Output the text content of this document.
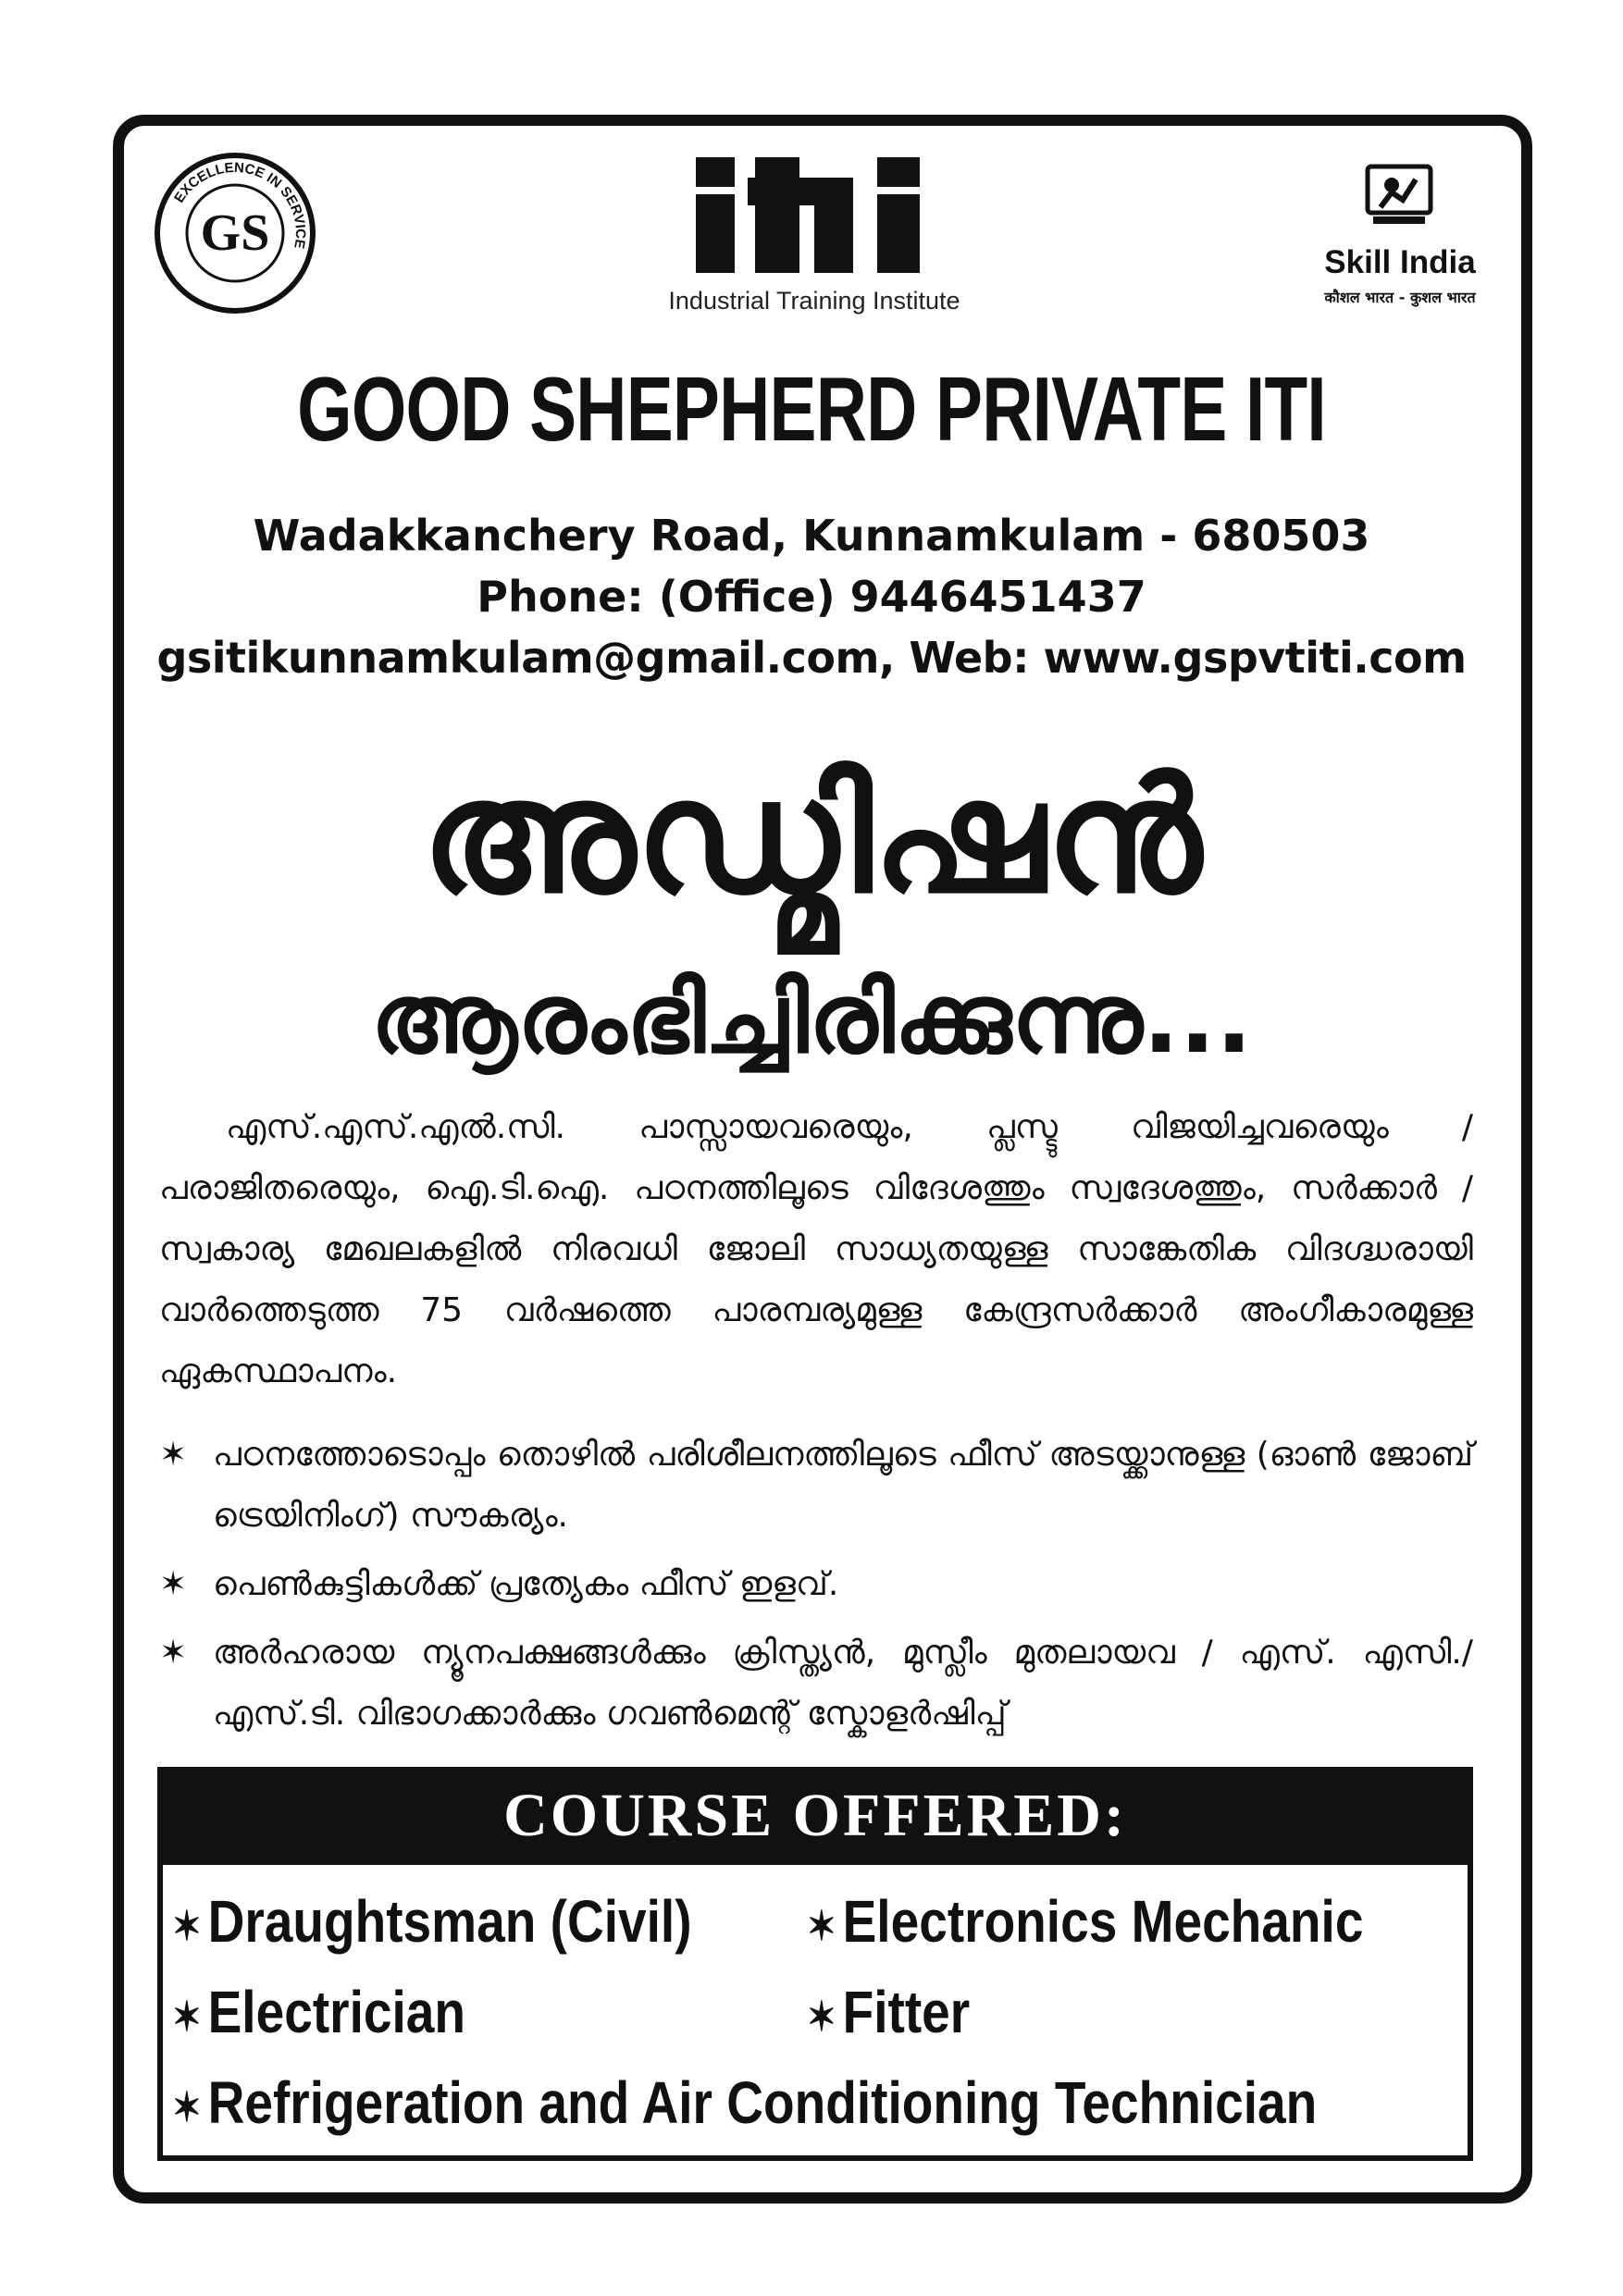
EXCELLENCE IN SERVICE
GS
Industrial Training Institute
Skill India
कौशल भारत - कुशल भारत
GOOD SHEPHERD PRIVATE ITI
Wadakkanchery Road, Kunnamkulam - 680503
Phone: (Office) 9446451437
gsitikunnamkulam@gmail.com, Web: www.gspvtiti.com
അഡ്മിഷൻ
ആരംഭിച്ചിരിക്കുന്നു...
എസ്.എസ്.എൽ.സി. പാസ്സായവരെയും, പ്ലസ്ടു വിജയിച്ചവരെയും / പരാജിതരെയും, ഐ.ടി.ഐ. പഠനത്തിലൂടെ വിദേശത്തും സ്വദേശത്തും, സർക്കാർ / സ്വകാര്യ മേഖലകളിൽ നിരവധി ജോലി സാധ്യതയുള്ള സാങ്കേതിക വിദഗ്ദ്ധരായി വാർത്തെടുത്ത 75 വർഷത്തെ പാരമ്പര്യമുള്ള കേന്ദ്രസർക്കാർ അംഗീകാരമുള്ള ഏകസ്ഥാപനം.
✶ പഠനത്തോടൊപ്പം തൊഴിൽ പരിശീലനത്തിലൂടെ ഫീസ് അടയ്ക്കാനുള്ള (ഓൺ ജോബ് ട്രെയിനിംഗ്) സൗകര്യം.
✶ പെൺകുട്ടികൾക്ക് പ്രത്യേകം ഫീസ് ഇളവ്.
✶ അർഹരായ ന്യൂനപക്ഷങ്ങൾക്കും ക്രിസ്ത്യൻ, മുസ്ലീം മുതലായവ / എസ്. എസി./എസ്.ടി. വിഭാഗക്കാർക്കും ഗവൺമെന്റ് സ്കോളർഷിപ്പ്
COURSE OFFERED:
✶ Draughtsman (Civil)	✶ Electronics Mechanic
✶ Electrician	✶ Fitter
✶ Refrigeration and Air Conditioning Technician
